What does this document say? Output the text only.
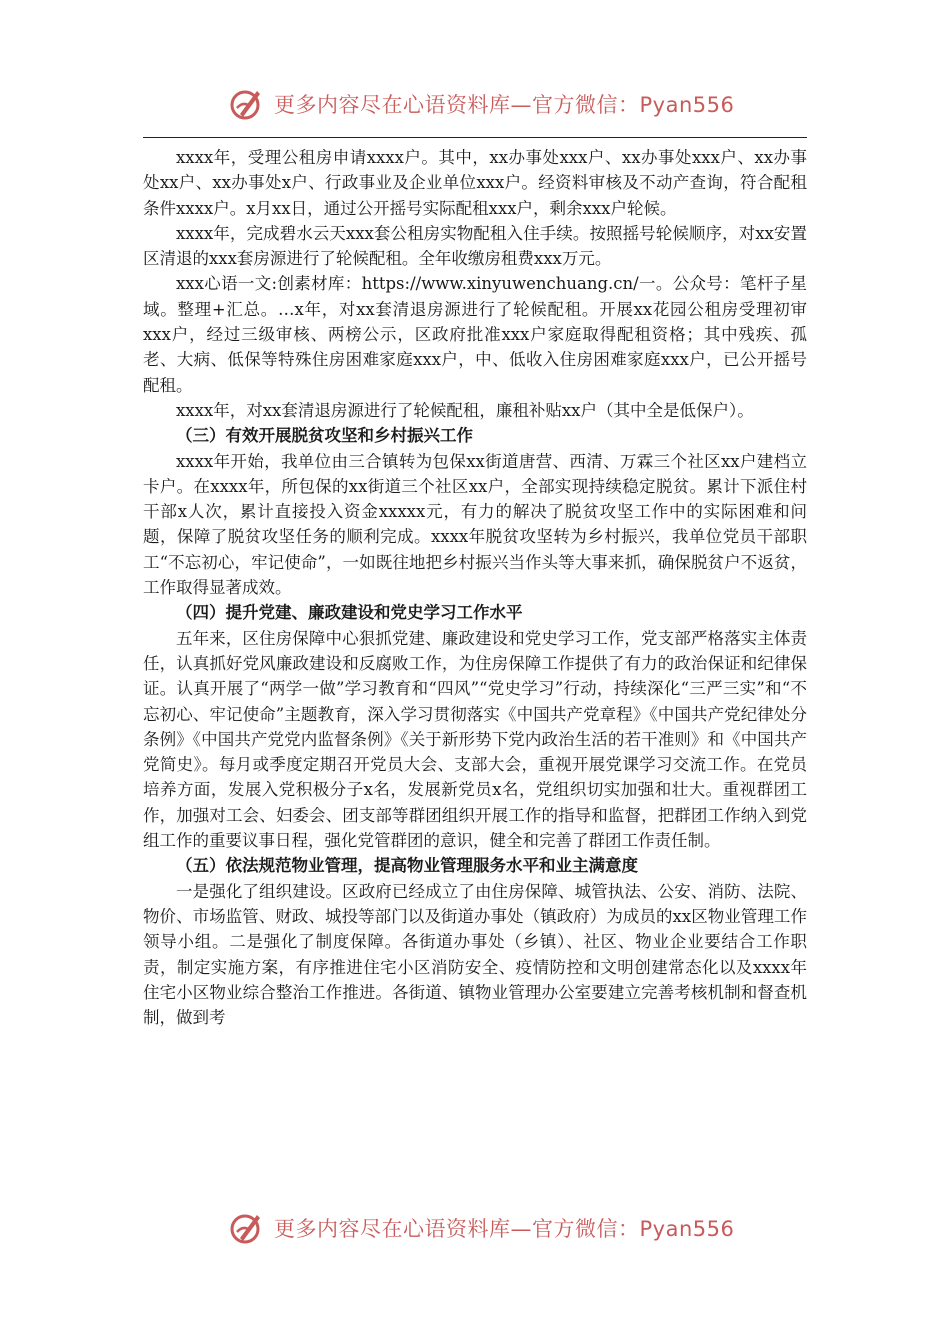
更多内容尽在心语资料库—官方微信：Pyan556

xxxx年，受理公租房申请xxxx户。其中，xx办事处xxx户、xx办事处xxx户、xx办事处xx户、xx办事处x户、行政事业及企业单位xxx户。经资料审核及不动产查询，符合配租条件xxxx户。x月xx日，通过公开摇号实际配租xxx户，剩余xxx户轮候。

xxxx年，完成碧水云天xxx套公租房实物配租入住手续。按照摇号轮候顺序，对xx安置区清退的xxx套房源进行了轮候配租。全年收缴房租费xxx万元。

xxx心语一文:创素材库：https://www.xinyuwenchuang.cn/一。公众号：笔杆子星域。整理+汇总。…x年，对xx套清退房源进行了轮候配租。开展xx花园公租房受理初审xxx户，经过三级审核、两榜公示，区政府批准xxx户家庭取得配租资格；其中残疾、孤老、大病、低保等特殊住房困难家庭xxx户，中、低收入住房困难家庭xxx户，已公开摇号配租。

xxxx年，对xx套清退房源进行了轮候配租，廉租补贴xx户（其中全是低保户）。

（三）有效开展脱贫攻坚和乡村振兴工作

xxxx年开始，我单位由三合镇转为包保xx街道唐营、西清、万霖三个社区xx户建档立卡户。在xxxx年，所包保的xx街道三个社区xx户，全部实现持续稳定脱贫。累计下派住村干部x人次，累计直接投入资金xxxxx元，有力的解决了脱贫攻坚工作中的实际困难和问题，保障了脱贫攻坚任务的顺利完成。xxxx年脱贫攻坚转为乡村振兴，我单位党员干部职工“不忘初心，牢记使命”，一如既往地把乡村振兴当作头等大事来抓，确保脱贫户不返贫，工作取得显著成效。

（四）提升党建、廉政建设和党史学习工作水平

五年来，区住房保障中心狠抓党建、廉政建设和党史学习工作，党支部严格落实主体责任，认真抓好党风廉政建设和反腐败工作，为住房保障工作提供了有力的政治保证和纪律保证。认真开展了“两学一做”学习教育和“四风”“党史学习”行动，持续深化“三严三实”和“不忘初心、牢记使命”主题教育，深入学习贯彻落实《中国共产党章程》《中国共产党纪律处分条例》《中国共产党党内监督条例》《关于新形势下党内政治生活的若干准则》和《中国共产党简史》。每月或季度定期召开党员大会、支部大会，重视开展党课学习交流工作。在党员培养方面，发展入党积极分子x名，发展新党员x名，党组织切实加强和壮大。重视群团工作，加强对工会、妇委会、团支部等群团组织开展工作的指导和监督，把群团工作纳入到党组工作的重要议事日程，强化党管群团的意识，健全和完善了群团工作责任制。

（五）依法规范物业管理，提高物业管理服务水平和业主满意度

一是强化了组织建设。区政府已经成立了由住房保障、城管执法、公安、消防、法院、物价、市场监管、财政、城投等部门以及街道办事处（镇政府）为成员的xx区物业管理工作领导小组。二是强化了制度保障。各街道办事处（乡镇）、社区、物业企业要结合工作职责，制定实施方案，有序推进住宅小区消防安全、疫情防控和文明创建常态化以及xxxx年住宅小区物业综合整治工作推进。各街道、镇物业管理办公室要建立完善考核机制和督查机制，做到考

更多内容尽在心语资料库—官方微信：Pyan556
